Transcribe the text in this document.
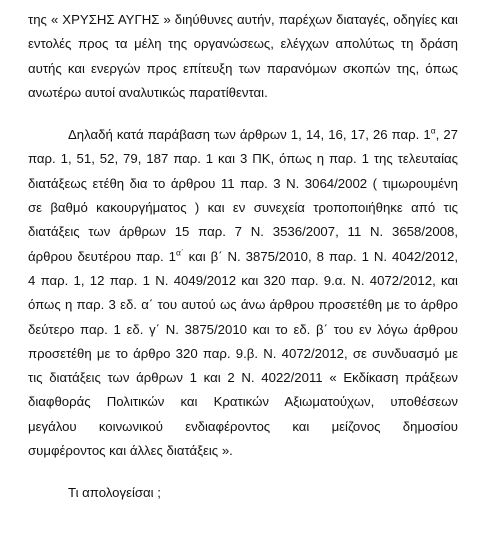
της « ΧΡΥΣΗΣ ΑΥΓΗΣ » διηύθυνες αυτήν, παρέχων διαταγές, οδηγίες και
εντολές προς τα μέλη της οργανώσεως, ελέγχων απολύτως τη δράση
αυτής και ενεργών προς επίτευξη των παρανόμων σκοπών της, όπως
ανωτέρω αυτοί αναλυτικώς παρατίθενται.
Δηλαδή κατά παράβαση των άρθρων 1, 14, 16, 17, 26 παρ. $1^\alpha$, 27
παρ. 1, 51, 52, 79, 187 παρ. 1 και 3 ΠΚ, όπως η παρ. 1 της τελευταίας
διατάξεως ετέθη δια το άρθρου 11 παρ. 3 Ν. 3064/2002 ( τιμωρουμένη
σε βαθμό κακουργήματος ) και εν συνεχεία τροποποιήθηκε από τις
διατάξεις των άρθρων 15 παρ. 7 Ν. 3536/2007, 11 Ν. 3658/2008,
άρθρου δευτέρου παρ. $1^{\alpha΄}$ και β΄ Ν. 3875/2010, 8 παρ. 1 Ν. 4042/2012,
4 παρ. 1, 12 παρ. 1 Ν. 4049/2012 και 320 παρ. 9.α. Ν. 4072/2012, και
όπως η παρ. 3 εδ. α΄ του αυτού ως άνω άρθρου προσετέθη με το άρθρο
δεύτερο παρ. 1 εδ. γ΄ Ν. 3875/2010 και το εδ. β΄ του εν λόγω άρθρου
προσετέθη με το άρθρο 320 παρ. 9.β. Ν. 4072/2012, σε συνδυασμό με
τις διατάξεις των άρθρων 1 και 2 Ν. 4022/2011 « Εκδίκαση πράξεων
διαφθοράς Πολιτικών και Κρατικών Αξιωματούχων, υποθέσεων
μεγάλου κοινωνικού ενδιαφέροντος και μείζονος δημοσίου
συμφέροντος και άλλες διατάξεις ».
Τι απολογείσαι ;
